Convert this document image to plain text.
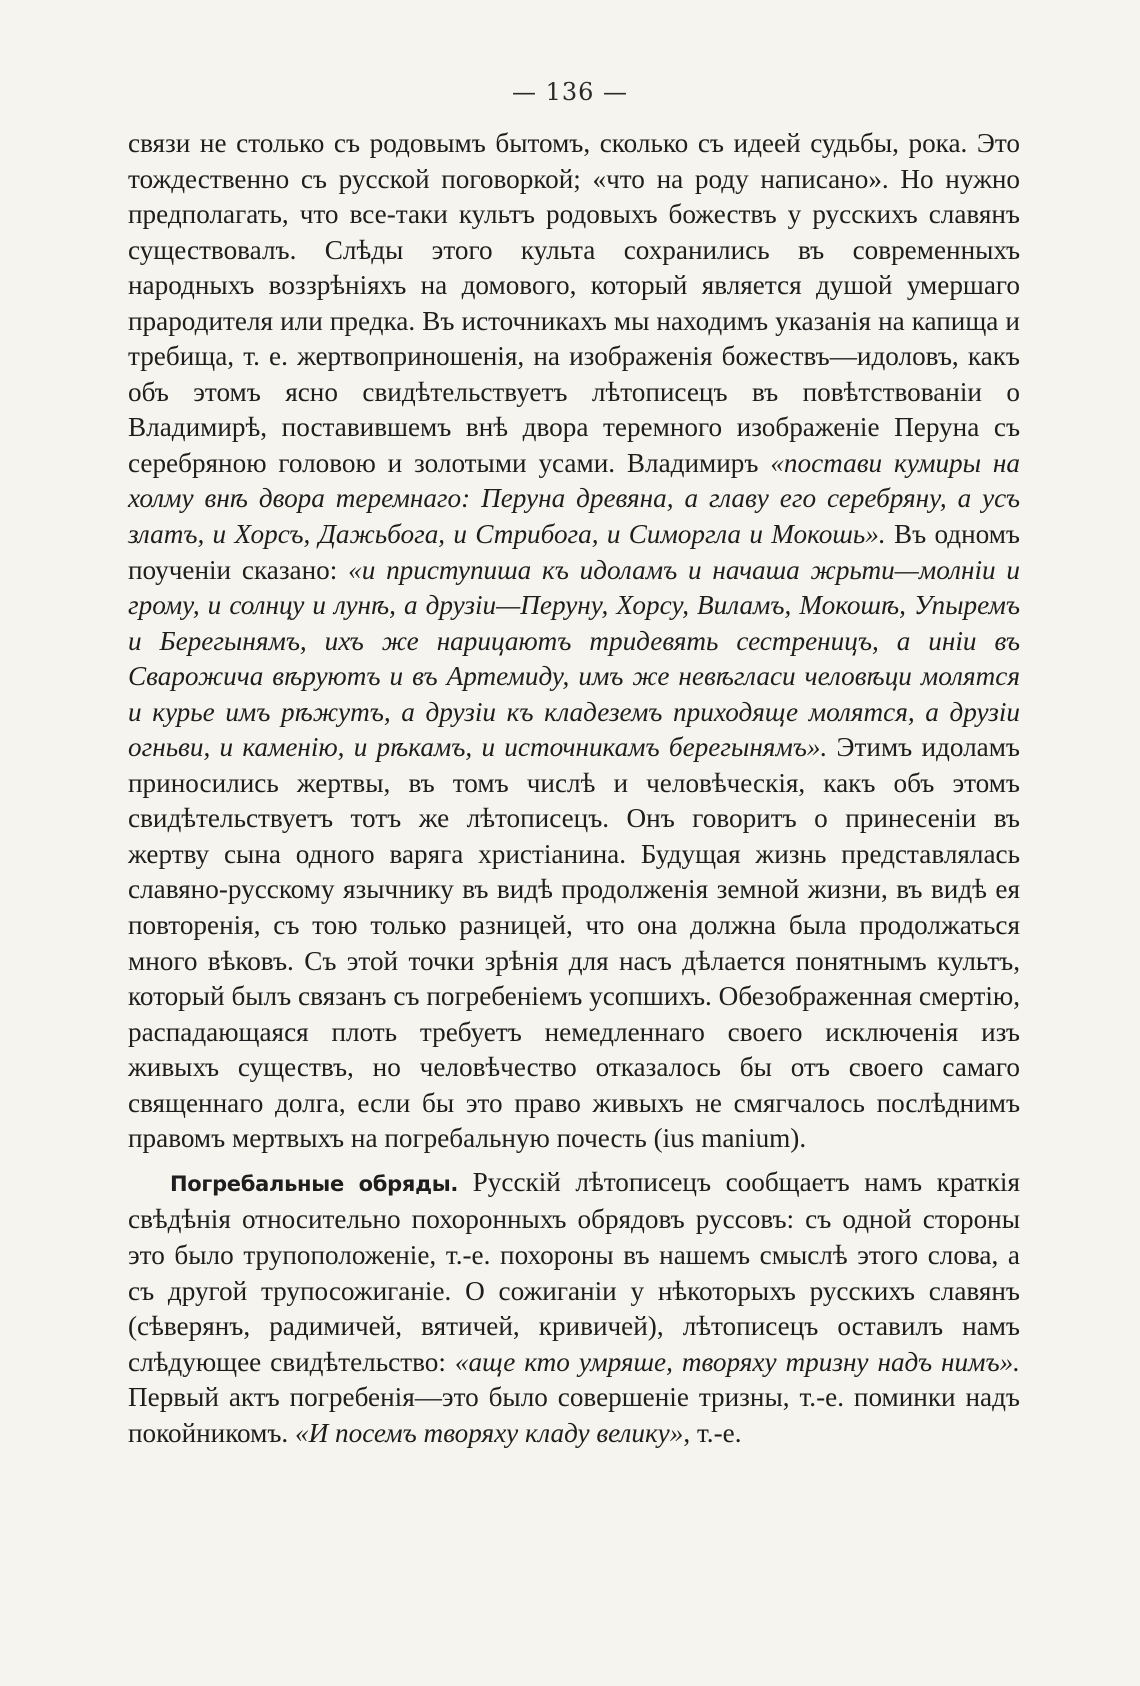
— 136 —

связи не столько съ родовымъ бытомъ, сколько съ идеей судьбы, рока. Это тождественно съ русской поговоркой; «что на роду написано». Но нужно предполагать, что все-таки культъ родовыхъ божествъ у русскихъ славянъ существовалъ. Слѣды этого культа сохранились въ современныхъ народныхъ воззрѣніяхъ на домового, который является душой умершаго прародителя или предка. Въ источникахъ мы находимъ указанія на капища и требища, т. е. жертвоприношенія, на изображенія божествъ—идоловъ, какъ объ этомъ ясно свидѣтельствуетъ лѣтописецъ въ повѣтствованіи о Владимирѣ, поставившемъ внѣ двора теремного изображеніе Перуна съ серебряною головою и золотыми усами. Владимиръ «постави кумиры на холму внѣ двора теремнаго: Перуна древяна, а главу его серебряну, а усъ златъ, и Хорсъ, Дажьбога, и Стрибога, и Симоргла и Мокошь». Въ одномъ поученіи сказано: «и приступиша къ идоламъ и начаша жрьти—молніи и грому, и солнцу и лунѣ, а друзіи—Перуну, Хорсу, Виламъ, Мокошѣ, Упыремъ и Берегынямъ, ихъ же нарицаютъ тридевять сестреницъ, а иніи въ Сварожича вѣруютъ и въ Артемиду, имъ же невѣгласи человѣци молятся и курье имъ рѣжутъ, а друзіи къ кладеземъ приходяще молятся, а друзіи огньви, и каменію, и рѣкамъ, и источникамъ берегынямъ». Этимъ идоламъ приносились жертвы, въ томъ числѣ и человѣческія, какъ объ этомъ свидѣтельствуетъ тотъ же лѣтописецъ. Онъ говоритъ о принесеніи въ жертву сына одного варяга христіанина. Будущая жизнь представлялась славяно-русскому язычнику въ видѣ продолженія земной жизни, въ видѣ ея повторенія, съ тою только разницей, что она должна была продолжаться много вѣковъ. Съ этой точки зрѣнія для насъ дѣлается понятнымъ культъ, который былъ связанъ съ погребеніемъ усопшихъ. Обезображенная смертію, распадающаяся плоть требуетъ немедленнаго своего исключенія изъ живыхъ существъ, но человѣчество отказалось бы отъ своего самаго священнаго долга, если бы это право живыхъ не смягчалось послѣднимъ правомъ мертвыхъ на погребальную почесть (ius manium).

Погребальные обряды. Русскій лѣтописецъ сообщаетъ намъ краткія свѣдѣнія относительно похоронныхъ обрядовъ руссовъ: съ одной стороны это было трупоположеніе, т.-е. похороны въ нашемъ смыслѣ этого слова, а съ другой трупосожиганіе. О сожиганіи у нѣкоторыхъ русскихъ славянъ (сѣверянъ, радимичей, вятичей, кривичей), лѣтописецъ оставилъ намъ слѣдующее свидѣтельство: «аще кто умряше, творяху тризну надъ нимъ». Первый актъ погребенія—это было совершеніе тризны, т.-е. поминки надъ покойникомъ. «И посемъ творяху кладу велику», т.-е.
